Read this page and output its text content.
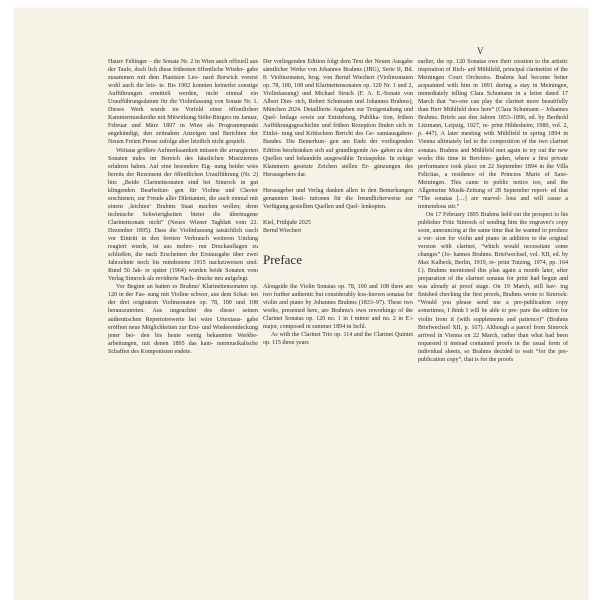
V

Hausv Feltinger – die Sonate Nr. 2 in Wien auch offiziell aus der Taufe, doch lich diese frühesten öffentliche Wieder- gabe zusammen mit dem Pianisten Leo- nard Borwick vorerst wohl auch die letz- te. Bis 1902 konnten keinerlei sonstige Aufführungen ermittelt werden, nicht einmal ein Uraufführungsdatum für die Violinfassung von Sonate Nr. 1. Dieses Werk wurde im Vorfeld einer öffentlichen Kammermusikreihe mit Mitwirkung Stöhr-Bürgers im Januar, Februar und März 1897 in Wien als Programmpunkt angekündigt, den zeitnahen Anzeigen und Berichten der Neuen Freien Presse zufolge aber letztlich nicht gespielt.

Weitaus größere Aufmerksamkeit müssen die arrangierten Sonaten indes im Bereich des häuslichen Musizierens erfahren haben. Auf eine besondere Eig- nung beider wies bereits der Rezensent der öffentlichen Uraufführung (Nr. 2) hin: „Beide Clarinettsonaten sind bei Simrock in gut klingenden Bearbeitun- gen für Violine und Clavier erschienen, zur Freude aller Dilettanten, die auch einmal mit einem ‚leichten‘ Brahms Staat machen wollen; denn technische Schwierigkeiten bietet die übertragene Clarinettsonate nicht“ (Neues Wiener Tagblatt vom 22. Dezember 1895). Dass die Violinfassung tatsächlich rasch vor Eintritt in den breiten Verbrauch weiteren Umfang reagiert wurde, ist aus mehre- ren Druckauflagen zu schließen, die nach Erscheinen der Erstausgabe über zwei Jahrzehnte noch bis mindestens 1915 nachzuweisen sind. Rund 50 Jah- re später (1964) wurden beide Sonaten vom Verlag Simrock als revidierte Nach- drucke neu aufgelegt.

Vor Beginn an hatten es Brahms' Klarinettensonaten op. 120 in der Fas- sung mit Violine schwer, aus dem Schat- ten der drei originären Violinsonaten op. 78, 100 und 108 herauszutreten. Aus ungeachtet des dieser seinen authentischen Repertoirewerte bei wäre Urtextaus- gabe eröffnet neue Möglichkeiten zur Erst- und Wiederentdeckung jener bei- den bis heute wenig bekannten Werkbe- arbeitungen, mit denen 1895 das kam- mermusikalische Schaffen des Komponisten endete.

Der vorliegenden Edition folgt dem Text der Neuen Ausgabe sämtlicher Werke von Johannes Brahms (JBG), Serie II, Bd. 8: Violinsonaten, hrsg. von Bernd Wiechert (Violinsonaten op. 78, 100, 108 und Klarinettensonaten op. 120 Nr. 1 und 2, Violinfassung) und Michael Struck (F. A. E.-Sonate von Albert Diet- rich, Robert Schumann und Johannes Brahms), München 2024. Detaillierte Angaben zur Textgestaltung und Quel- lenlage sowie zur Entstehung, Publika- tion, frühen Aufführungsgeschichte und frühen Rezeption finden sich in Einlei- tung und Kritischem Bericht des Ge- samtausgaben-Bandes. Die Bemerkun- gen am Ende der vorliegenden Edition beschränken sich auf grundlegende An- gaben zu den Quellen und behandeln ausgewählte Textaspekte. In eckige Klammern gesetzte Zeichen stellen Er- gänzungen des Herausgebers dar.

Herausgeber und Verlag danken allen in den Bemerkungen genannten Insti- tutionen für die freundlicherweise zur Verfügung gestellten Quellen und Quel- lenkopien.

Kiel, Frühjahr 2025

Bernd Wiechert

Preface

Alongside the Violin Sonatas op. 78, 100 and 108 there are two further authentic but considerably less-known sonatas for violin and piano by Johannes Brahms (1833–97). These two works, presented here, are Brahms's own reworkings of the Clarinet Sonatas op. 120 no. 1 in f minor and no. 2 in E♭ major, composed in summer 1894 in Ischl.

As with the Clarinet Trio op. 114 and the Clarinet Quintet op. 115 three years

earlier, the op. 120 Sonatas owe their creation to the artistic inspiration of Rich- ard Mühlfeld, principal clarinettist of the Meiningen Court Orchestra. Brahms had become better acquainted with him in 1891 during a stay in Meiningen, immediately telling Clara Schumann in a letter dated 17 March that “no-one can play the clarinet more beautifully than Herr Mühlfeld does here” (Clara Schumann – Johannes Brahms. Briefe aus den Jahren 1853–1896, ed. by Berthold Litzmann, Leipzig, 1927, re- print Hildesheim, 1989, vol. 2, p. 447). A later meeting with Mühlfeld in spring 1894 in Vienna ultimately led to the composition of the two clarinet sonatas. Brahms and Mühlfeld met again to try out the new works this time in Berchtes- gaden, where a first private performance took place on 22 September 1894 in the Villa Felicitas, a residence of the Princess Marie of Saxe-Meiningen. This came to public notice too, and the Allgemeine Musik-Zeitung of 28 September report- ed that “The sonatas […] are marvel- lous and will cause a tremendous stir.”

On 17 February 1895 Brahms held out the prospect to his publisher Fritz Simrock of sending him the engraver's copy soon, announcing at the same time that he wanted to produce a ver- sion for violin and piano in addition to the original version with clarinet, “which would necessitate some changes” (Jo- hannes Brahms. Briefwechsel, vol. XII, ed. by Max Kalbeck, Berlin, 1919, re- print Tutzing, 1974, pp. 164 f.). Brahms mentioned this plan again a month later, after preparation of the clarinet sonatas for print had begun and was already at proof stage. On 19 March, still hav- ing finished checking the first proofs, Brahms wrote to Simrock: “Would you please send me a pre-publication copy sometimes, I think I will be able to pre- pare the edition for violin from it (with supplements and patience)” (Brahms Briefwechsel XII, p. 167). Although a parcel from Simrock arrived in Vienna on 22 March, rather than what had been requested it instead contained proofs in the usual form of individual sheets, so Brahms decided to wait “for the pre- publication copy”, that is for the proofs
